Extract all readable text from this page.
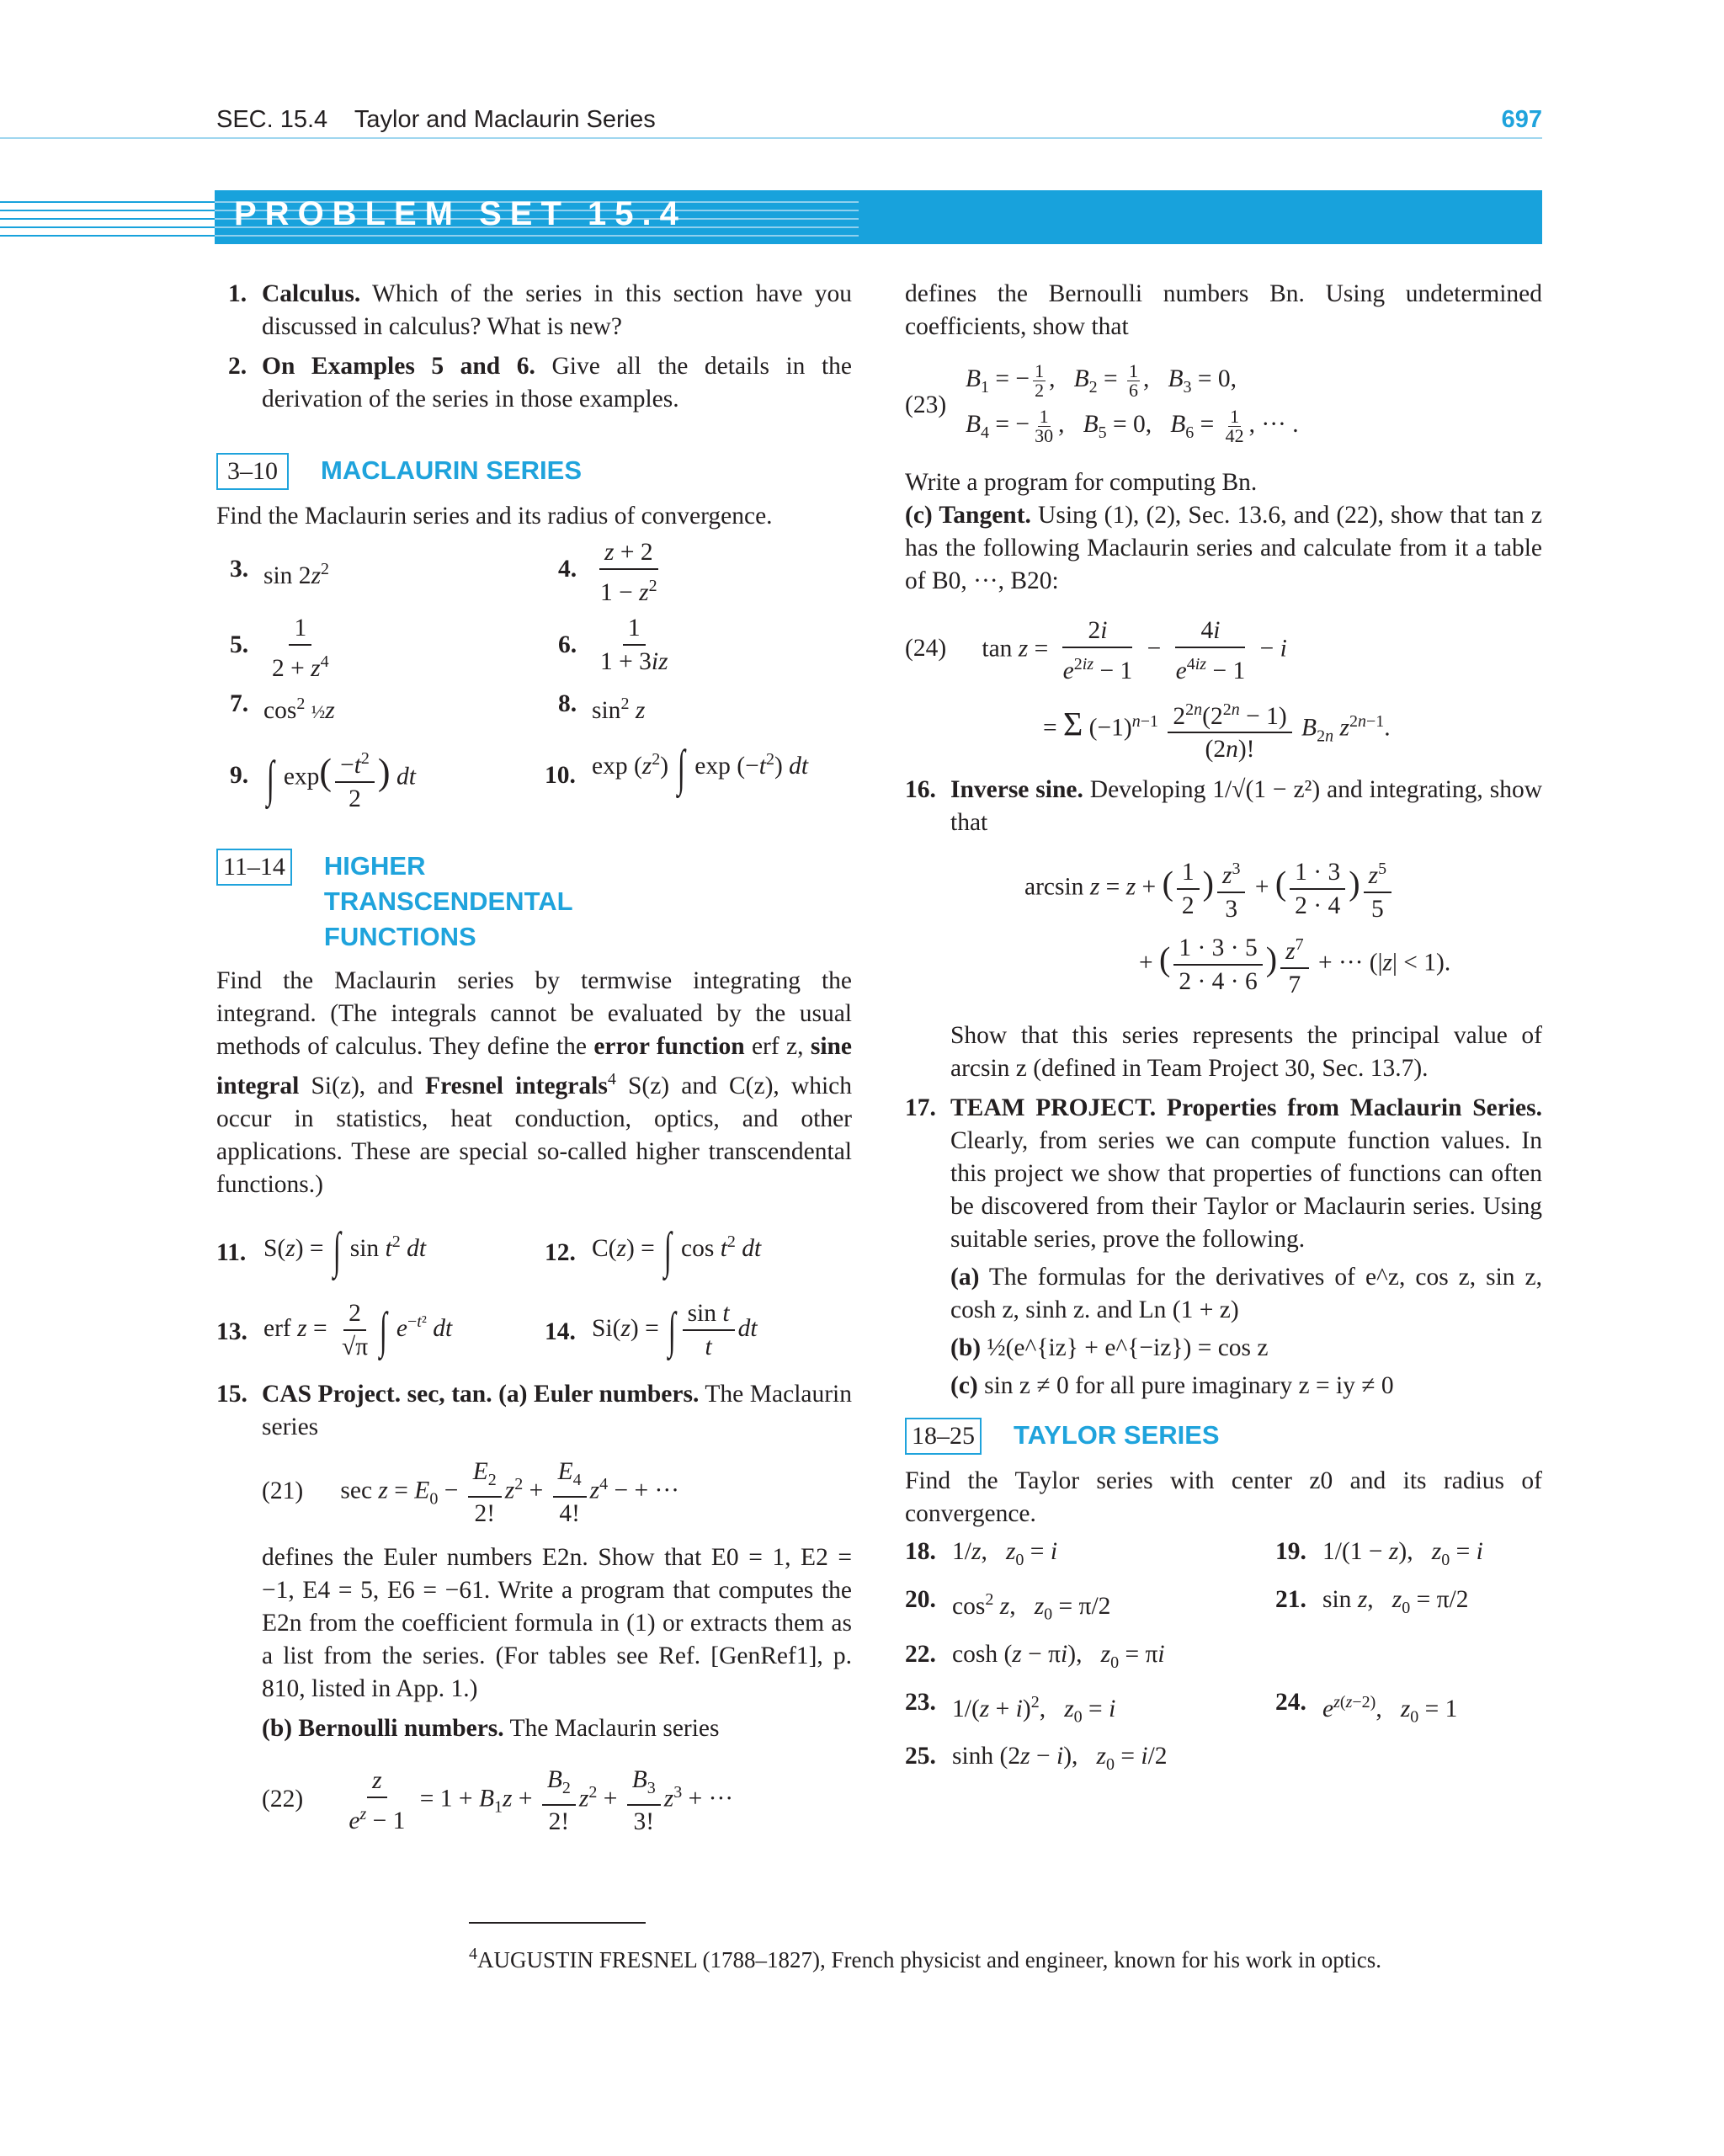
SEC. 15.4    Taylor and Maclaurin Series	697
PROBLEM SET 15.4
1. Calculus. Which of the series in this section have you discussed in calculus? What is new?
2. On Examples 5 and 6. Give all the details in the derivation of the series in those examples.
3–10	MACLAURIN SERIES
Find the Maclaurin series and its radius of convergence.
3. $\sin 2z^2$	4. $\frac{z + 2}{1 - z^2}$
5. $\frac{1}{2 + z^4}$	6. $\frac{1}{1 + 3iz}$
7. $\cos^2$ ½z	8. $\sin^2 z$
9. ∫ $\exp( \frac{-t^2}{2}$ ) dt	10. $\exp (z^2)$ ∫ $\exp (-t^2)$ dt
11–14 HIGHER TRANSCENDENTAL FUNCTIONS
Find the Maclaurin series by termwise integrating the integrand. (The integrals cannot be evaluated by the usual methods of calculus. They define the error function erf z, sine integral Si(z), and Fresnel integrals$^4$ S(z) and C(z), which occur in statistics, heat conduction, optics, and other applications. These are special so-called higher transcendental functions.)
11. S(z) = ∫ $\sin t^2$ dt	12. C(z) = ∫ $\cos t^2$ dt
13. erf $z = \frac{2}{√\pi}$ ∫ $e^{-t^2}$ dt	14. Si(z) = ∫ $\frac{\text{sin t}}{t}$ dt
15. CAS Project. sec, tan. (a) Euler numbers. The Maclaurin series
(21) $\sec z = E_0 - \frac{E_2}{2!} z^2 + \frac{E_4}{4!} z^4$ − + ···
defines the Euler numbers E2n. Show that E0 = 1, E2 = −1, E4 = 5, E6 = −61. Write a program that computes the E2n from the coefficient formula in (1) or extracts them as a list from the series. (For tables see Ref. [GenRef1], p. 810, listed in App. 1.)
(b) Bernoulli numbers. The Maclaurin series
$(22) \frac{z}{e^z - 1} = 1 + B_1z + \frac{B_2}{2!} z^2 + \frac{B_3}{3!} z^3$ + ···
defines the Bernoulli numbers Bn. Using undetermined coefficients, show that
(23)
$B_1$ = − $\frac{1}{2}$ ,   $B_2 = \frac{1}{6}$ ,   $B_3 = 0$,
$B_4$ = − $\frac{1}{30}$ ,   $B_5 = 0$,   $B_6 = \frac{1}{42}$ , ··· .
Write a program for computing Bn.
(c) Tangent. Using (1), (2), Sec. 13.6, and (22), show that tan z has the following Maclaurin series and calculate from it a table of B0, ···, B20:
(24) $\tan z = \frac{2i}{e^{2iz} - 1} - \frac{4i}{e^{4iz} - 1} - i$
= Σ $(-1)^{n-1} \frac{2^{2n}(2^{2n} - 1)}{(2n)!} B_{2n}$ $z^{2n-1}$.
16. Inverse sine. Developing 1/√(1 − z²) and integrating, show that
arcsin z = z + ( $\frac{1}{2}$ ) $\frac{z^3}{3}$ + ( $\frac{1 \cdot 3}{2 \cdot 4}$ ) $\frac{z^5}{5}$
+ ( $\frac{1 \cdot 3 \cdot 5}{2 \cdot 4 \cdot 6}$ ) $\frac{z^7}{7}$ + ··· (|z| < 1).
Show that this series represents the principal value of arcsin z (defined in Team Project 30, Sec. 13.7).
17. TEAM PROJECT. Properties from Maclaurin Series. Clearly, from series we can compute function values. In this project we show that properties of functions can often be discovered from their Taylor or Maclaurin series. Using suitable series, prove the following.
(a) The formulas for the derivatives of e^z, cos z, sin z, cosh z, sinh z. and Ln (1 + z)
(b) ½(e^{iz} + e^{−iz}) = cos z
(c) sin z ≠ 0 for all pure imaginary z = iy ≠ 0
18–25 TAYLOR SERIES
Find the Taylor series with center z0 and its radius of convergence.
18. 1/z,   $z_0 = i$	19. 1/(1 − z),   $z_0 = i$
20. $\cos^2 z$,   $z_0 = \pi/2$	21. sin z,   $z_0 = \pi/2$
22. cosh (z − πi),   $z_0 = \pi i$
23. $1/(z + i)^2$,   $z_0 = i$	24. $e^{z(z-2)}$,   $z_0 = 1$
25. sinh (2z − i),   $z_0 = i/2$
$^4$AUGUSTIN FRESNEL (1788–1827), French physicist and engineer, known for his work in optics.
